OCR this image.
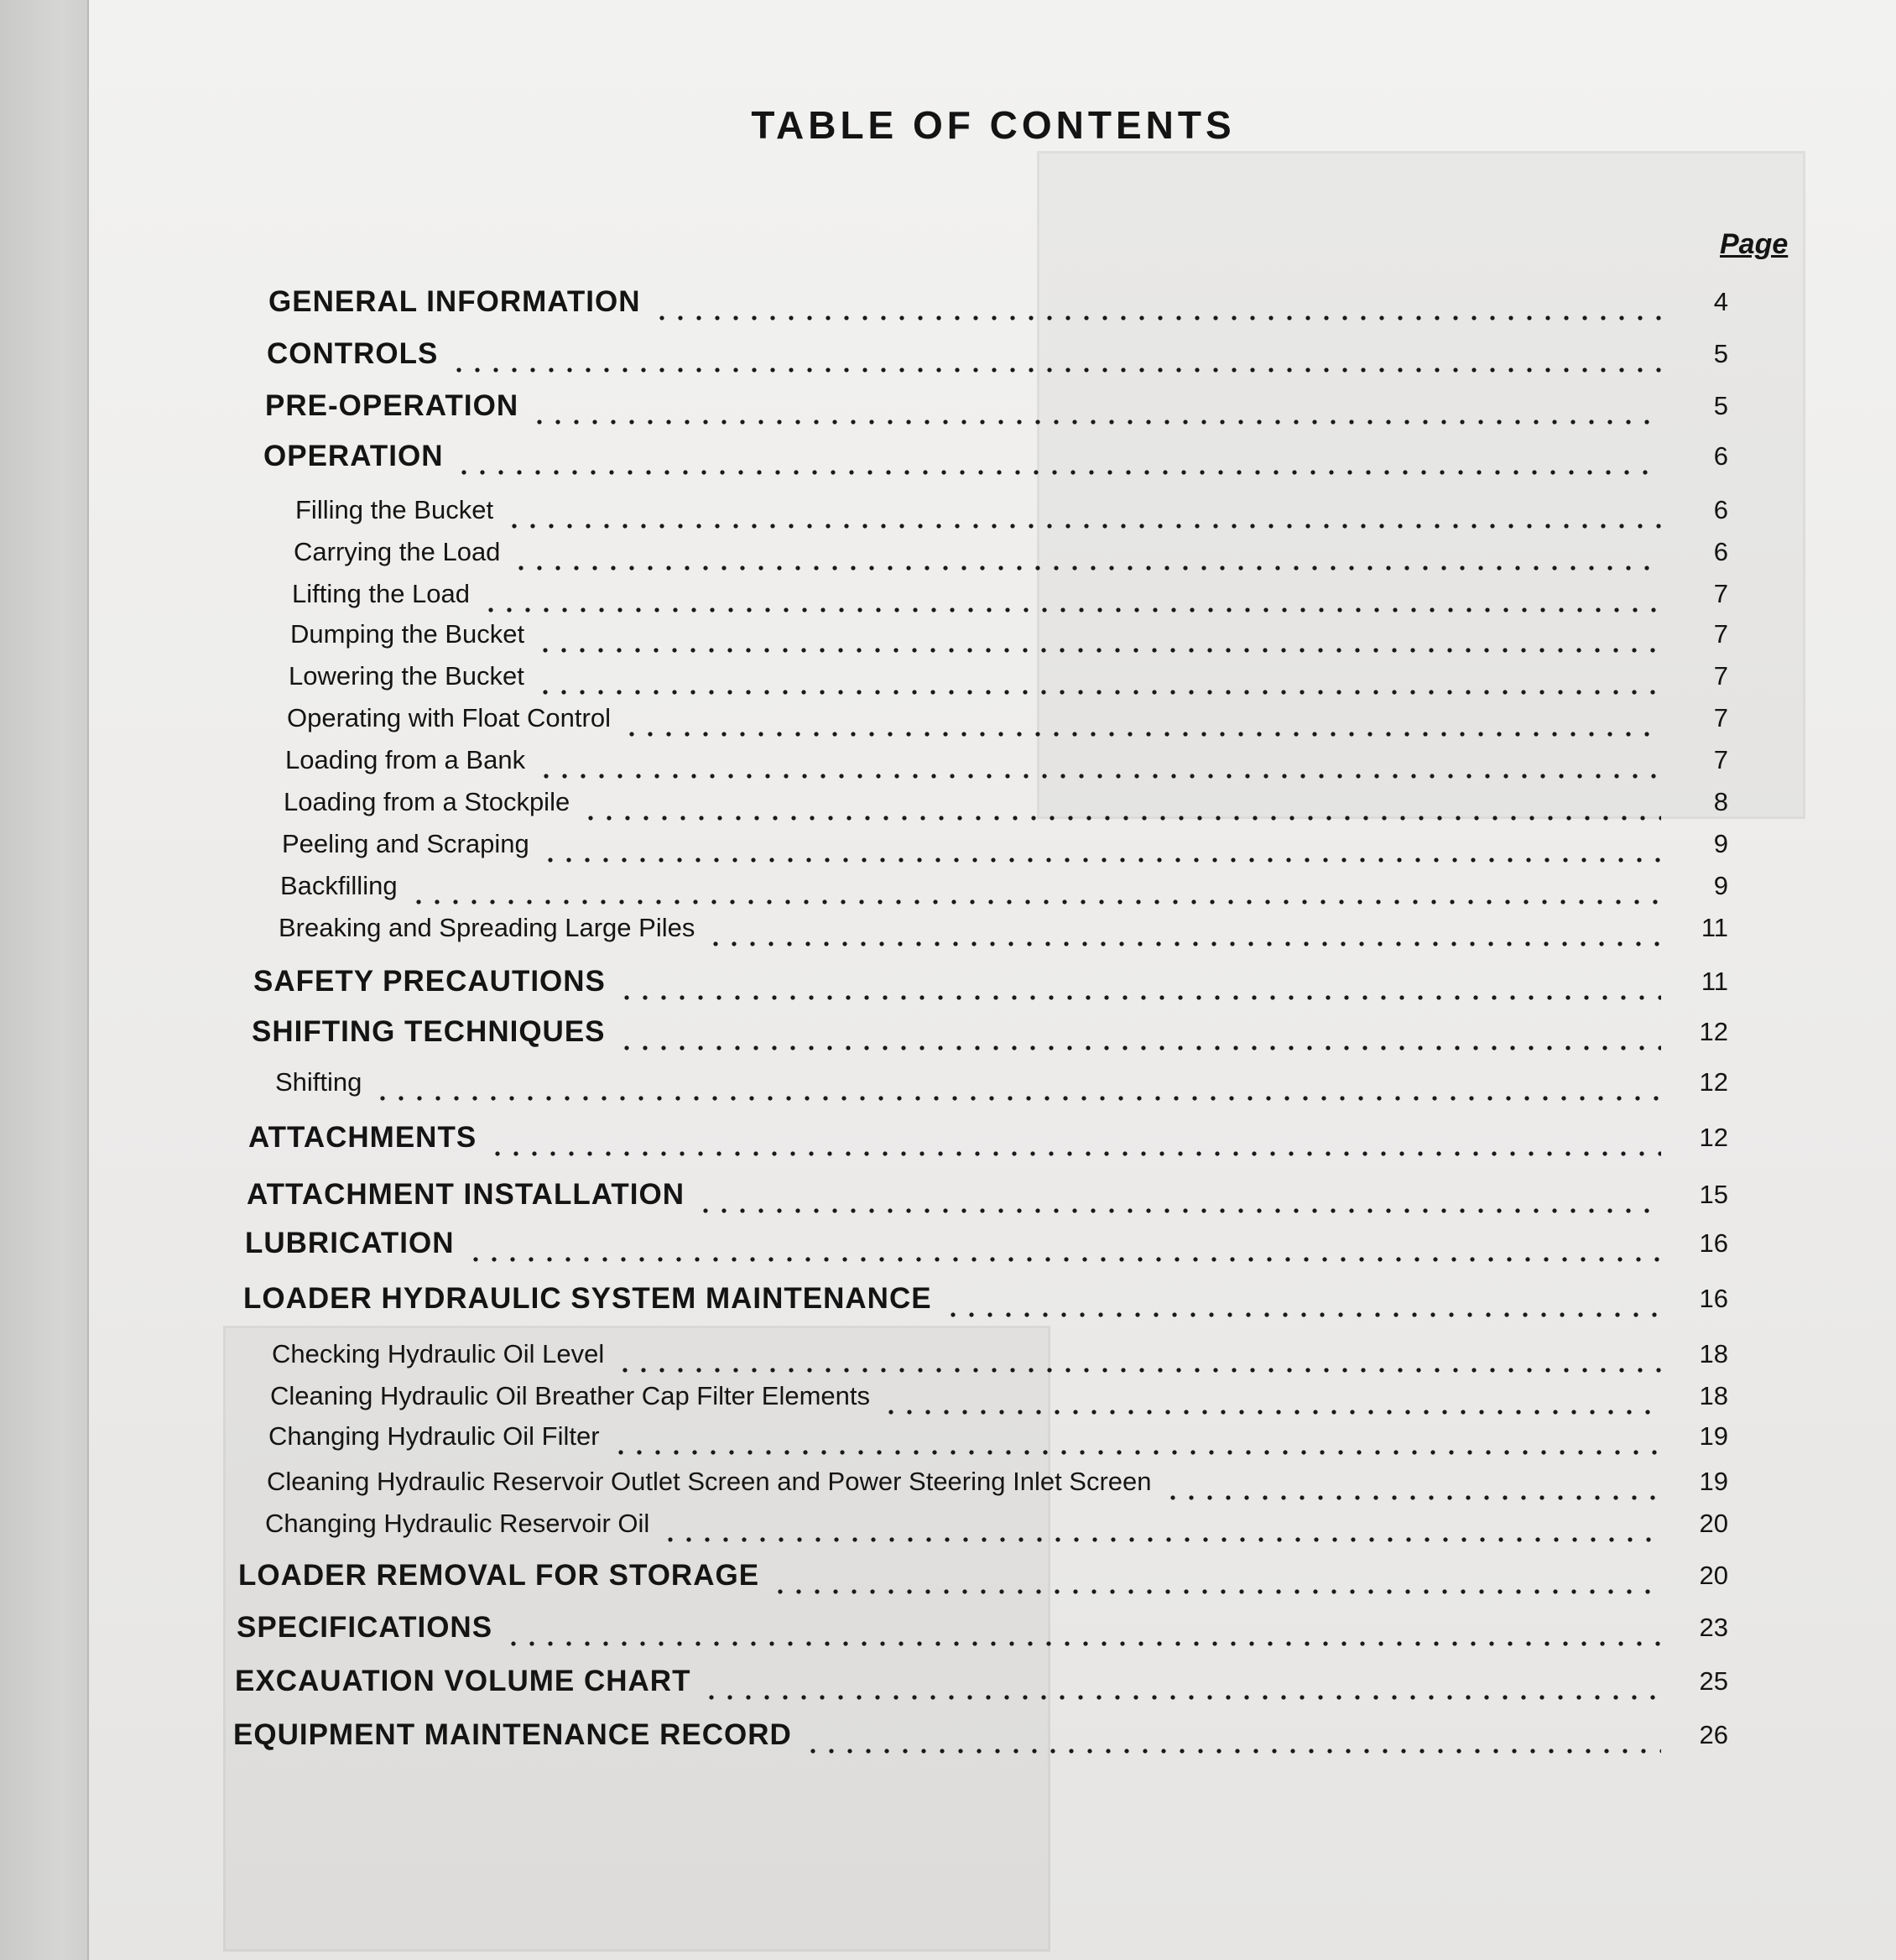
TABLE OF CONTENTS
Page
GENERAL INFORMATION	4
CONTROLS	5
PRE-OPERATION	5
OPERATION	6
Filling the Bucket	6
Carrying the Load	6
Lifting the Load	7
Dumping the Bucket	7
Lowering the Bucket	7
Operating with Float Control	7
Loading from a Bank	7
Loading from a Stockpile	8
Peeling and Scraping	9
Backfilling	9
Breaking and Spreading Large Piles	11
SAFETY PRECAUTIONS	11
SHIFTING TECHNIQUES	12
Shifting	12
ATTACHMENTS	12
ATTACHMENT INSTALLATION	15
LUBRICATION	16
LOADER HYDRAULIC SYSTEM MAINTENANCE	16
Checking Hydraulic Oil Level	18
Cleaning Hydraulic Oil Breather Cap Filter Elements	18
Changing Hydraulic Oil Filter	19
Cleaning Hydraulic Reservoir Outlet Screen and Power Steering Inlet Screen	19
Changing Hydraulic Reservoir Oil	20
LOADER REMOVAL FOR STORAGE	20
SPECIFICATIONS	23
EXCAUATION VOLUME CHART	25
EQUIPMENT MAINTENANCE RECORD	26
